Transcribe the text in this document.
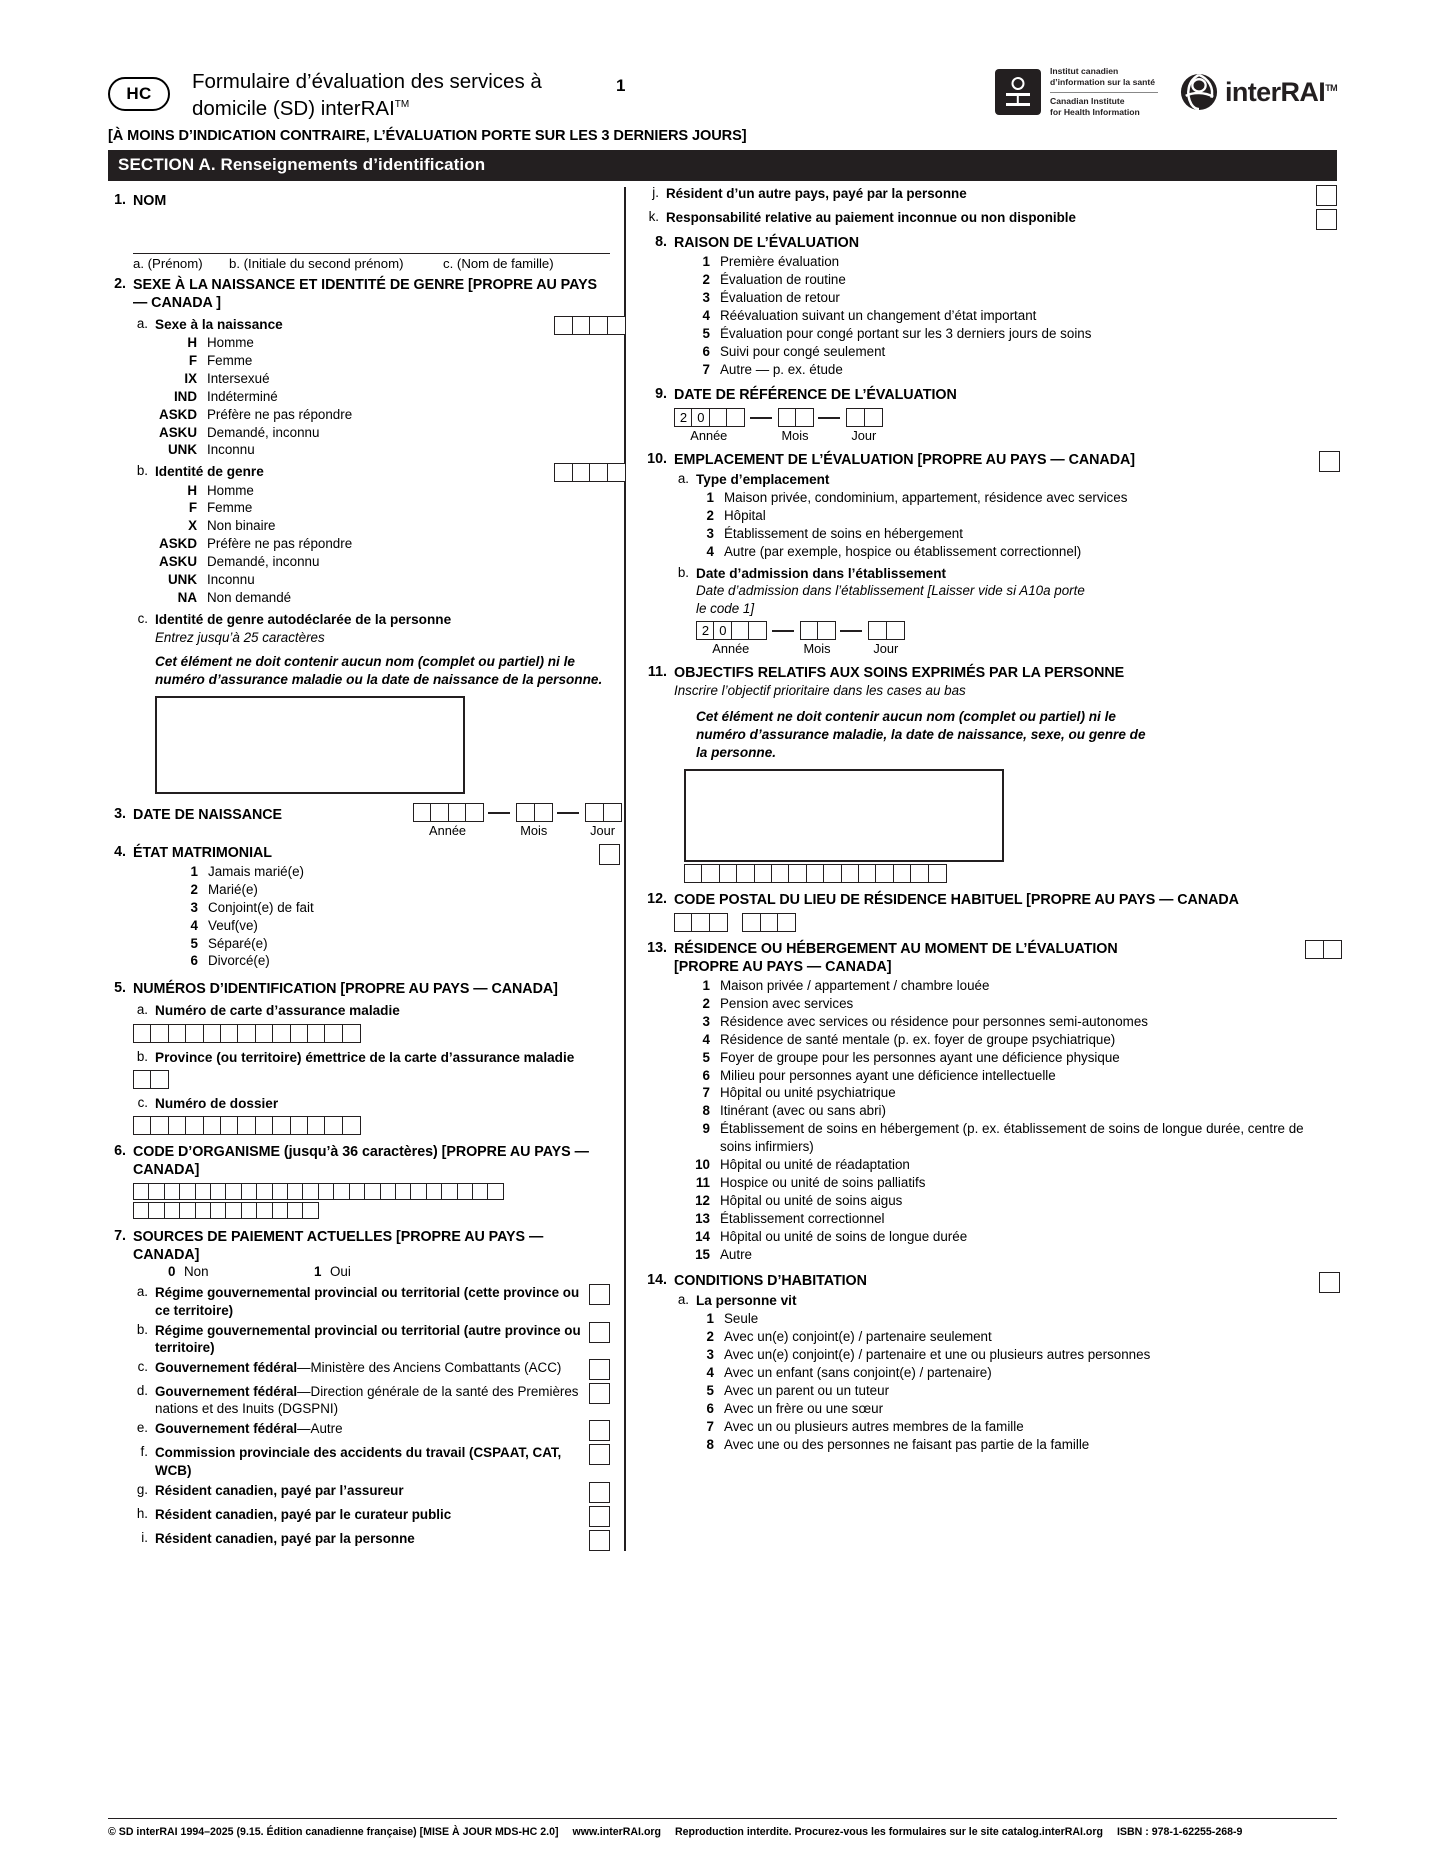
HC
Formulaire d’évaluation des services à
domicile (SD) interRAI™
1
Institut canadien
d’information sur la santé
Canadian Institute
for Health Information
interRAI™
[À MOINS D’INDICATION CONTRAIRE, L’ÉVALUATION PORTE SUR LES 3 DERNIERS JOURS]
SECTION A. Renseignements d’identification
1. NOM
a. (Prénom)	b. (Initiale du second prénom)	c. (Nom de famille)
2. SEXE À LA NAISSANCE ET IDENTITÉ DE GENRE [PROPRE AU PAYS — CANADA ]
a. Sexe à la naissance
H Homme
F Femme
IX Intersexué
IND Indéterminé
ASKD Préfère ne pas répondre
ASKU Demandé, inconnu
UNK Inconnu
b. Identité de genre
H Homme
F Femme
X Non binaire
ASKD Préfère ne pas répondre
ASKU Demandé, inconnu
UNK Inconnu
NA Non demandé
c. Identité de genre autodéclarée de la personne
Entrez jusqu’à 25 caractères
Cet élément ne doit contenir aucun nom (complet ou partiel) ni le
numéro d’assurance maladie ou la date de naissance de la personne.
3. DATE DE NAISSANCE
Année	Mois	Jour
4. ÉTAT MATRIMONIAL
1 Jamais marié(e)
2 Marié(e)
3 Conjoint(e) de fait
4 Veuf(ve)
5 Séparé(e)
6 Divorcé(e)
5. NUMÉROS D’IDENTIFICATION [PROPRE AU PAYS — CANADA]
a. Numéro de carte d’assurance maladie
b. Province (ou territoire) émettrice de la carte d’assurance maladie
c. Numéro de dossier
6. CODE D’ORGANISME (jusqu’à 36 caractères) [PROPRE AU PAYS — CANADA]
7. SOURCES DE PAIEMENT ACTUELLES [PROPRE AU PAYS — CANADA]
0 Non	1 Oui
a. Régime gouvernemental provincial ou territorial (cette province ou ce territoire)
b. Régime gouvernemental provincial ou territorial (autre province ou territoire)
c. Gouvernement fédéral—Ministère des Anciens Combattants (ACC)
d. Gouvernement fédéral—Direction générale de la santé des Premières nations et des Inuits (DGSPNI)
e. Gouvernement fédéral—Autre
f. Commission provinciale des accidents du travail (CSPAAT, CAT, WCB)
g. Résident canadien, payé par l’assureur
h. Résident canadien, payé par le curateur public
i. Résident canadien, payé par la personne
j. Résident d’un autre pays, payé par la personne
k. Responsabilité relative au paiement inconnue ou non disponible
8. RAISON DE L’ÉVALUATION
1 Première évaluation
2 Évaluation de routine
3 Évaluation de retour
4 Réévaluation suivant un changement d’état important
5 Évaluation pour congé portant sur les 3 derniers jours de soins
6 Suivi pour congé seulement
7 Autre — p. ex. étude
9. DATE DE RÉFÉRENCE DE L’ÉVALUATION
2 0
Année	Mois	Jour
10. EMPLACEMENT DE L’ÉVALUATION [PROPRE AU PAYS — CANADA]
a. Type d’emplacement
1 Maison privée, condominium, appartement, résidence avec services
2 Hôpital
3 Établissement de soins en hébergement
4 Autre (par exemple, hospice ou établissement correctionnel)
b. Date d’admission dans l’établissement
Date d’admission dans l’établissement [Laisser vide si A10a porte
le code 1]
2 0
Année	Mois	Jour
11. OBJECTIFS RELATIFS AUX SOINS EXPRIMÉS PAR LA PERSONNE
Inscrire l’objectif prioritaire dans les cases au bas
Cet élément ne doit contenir aucun nom (complet ou partiel) ni le
numéro d’assurance maladie, la date de naissance, sexe, ou genre de
la personne.
12. CODE POSTAL DU LIEU DE RÉSIDENCE HABITUEL [PROPRE AU PAYS — CANADA
13. RÉSIDENCE OU HÉBERGEMENT AU MOMENT DE L’ÉVALUATION
[PROPRE AU PAYS — CANADA]
1 Maison privée / appartement / chambre louée
2 Pension avec services
3 Résidence avec services ou résidence pour personnes semi-autonomes
4 Résidence de santé mentale (p. ex. foyer de groupe psychiatrique)
5 Foyer de groupe pour les personnes ayant une déficience physique
6 Milieu pour personnes ayant une déficience intellectuelle
7 Hôpital ou unité psychiatrique
8 Itinérant (avec ou sans abri)
9 Établissement de soins en hébergement (p. ex. établissement de soins de longue durée, centre de soins infirmiers)
10 Hôpital ou unité de réadaptation
11 Hospice ou unité de soins palliatifs
12 Hôpital ou unité de soins aigus
13 Établissement correctionnel
14 Hôpital ou unité de soins de longue durée
15 Autre
14. CONDITIONS D’HABITATION
a. La personne vit
1 Seule
2 Avec un(e) conjoint(e) / partenaire seulement
3 Avec un(e) conjoint(e) / partenaire et une ou plusieurs autres personnes
4 Avec un enfant (sans conjoint(e) / partenaire)
5 Avec un parent ou un tuteur
6 Avec un frère ou une sœur
7 Avec un ou plusieurs autres membres de la famille
8 Avec une ou des personnes ne faisant pas partie de la famille
© SD interRAI 1994–2025 (9.15. Édition canadienne française) [MISE À JOUR MDS-HC 2.0] www.interRAI.org Reproduction interdite. Procurez-vous les formulaires sur le site catalog.interRAI.org ISBN : 978-1-62255-268-9
